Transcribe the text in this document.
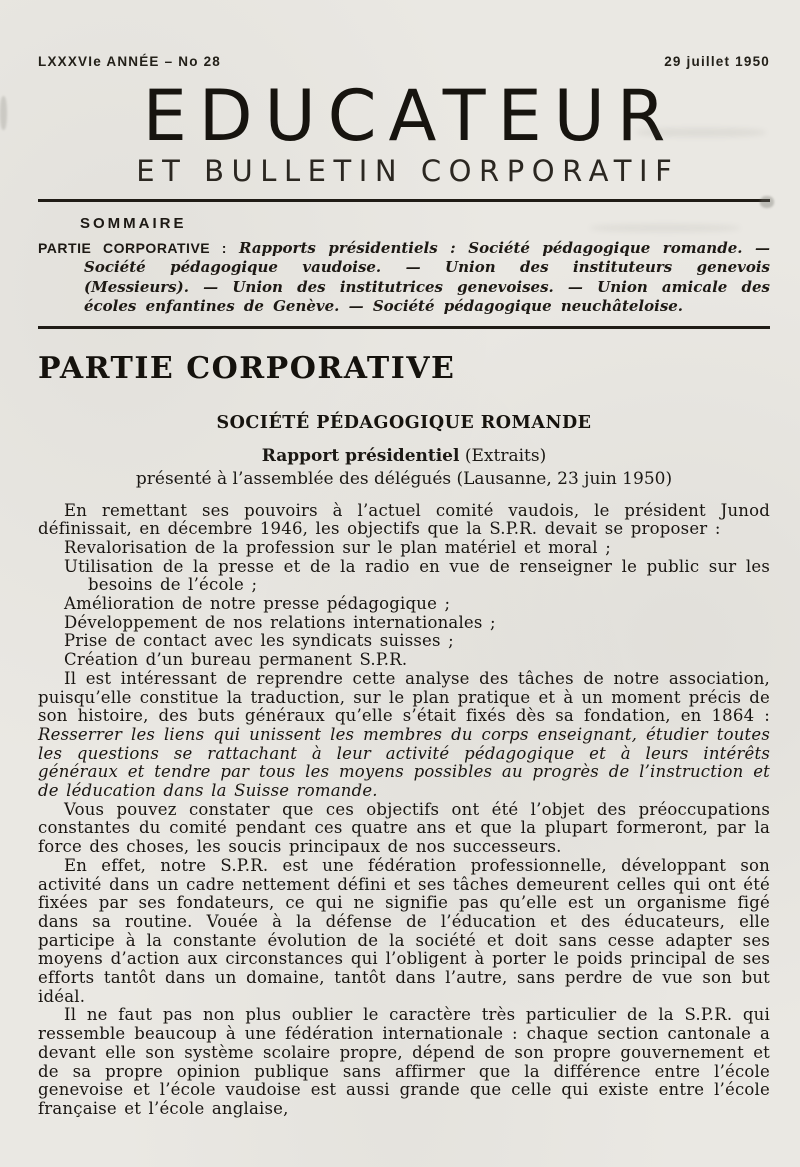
LXXXVIe ANNÉE – No 28	29 juillet 1950
EDUCATEUR
ET BULLETIN CORPORATIF
SOMMAIRE

PARTIE CORPORATIVE : Rapports présidentiels : Société pédagogique romande. — Société pédagogique vaudoise. — Union des instituteurs genevois (Messieurs). — Union des institutrices genevoises. — Union amicale des écoles enfantines de Genève. — Société pédagogique neuchâteloise.

PARTIE CORPORATIVE
SOCIÉTÉ PÉDAGOGIQUE ROMANDE

Rapport présidentiel (Extraits)

présenté à l’assemblée des délégués (Lausanne, 23 juin 1950)

En remettant ses pouvoirs à l’actuel comité vaudois, le président Junod définissait, en décembre 1946, les objectifs que la S.P.R. devait se proposer :

Revalorisation de la profession sur le plan matériel et moral ;
Utilisation de la presse et de la radio en vue de renseigner le public sur les besoins de l’école ;
Amélioration de notre presse pédagogique ;
Développement de nos relations internationales ;
Prise de contact avec les syndicats suisses ;
Création d’un bureau permanent S.P.R.

Il est intéressant de reprendre cette analyse des tâches de notre association, puisqu’elle constitue la traduction, sur le plan pratique et à un moment précis de son histoire, des buts généraux qu’elle s’était fixés dès sa fondation, en 1864 : Resserrer les liens qui unissent les membres du corps enseignant, étudier toutes les questions se rattachant à leur activité pédagogique et à leurs intérêts généraux et tendre par tous les moyens possibles au progrès de l’instruction et de léducation dans la Suisse romande.

Vous pouvez constater que ces objectifs ont été l’objet des préoccupations constantes du comité pendant ces quatre ans et que la plupart formeront, par la force des choses, les soucis principaux de nos successeurs.

En effet, notre S.P.R. est une fédération professionnelle, développant son activité dans un cadre nettement défini et ses tâches demeurent celles qui ont été fixées par ses fondateurs, ce qui ne signifie pas qu’elle est un organisme figé dans sa routine. Vouée à la défense de l’éducation et des éducateurs, elle participe à la constante évolution de la société et doit sans cesse adapter ses moyens d’action aux circonstances qui l’obligent à porter le poids principal de ses efforts tantôt dans un domaine, tantôt dans l’autre, sans perdre de vue son but idéal.

Il ne faut pas non plus oublier le caractère très particulier de la S.P.R. qui ressemble beaucoup à une fédération internationale : chaque section cantonale a devant elle son système scolaire propre, dépend de son propre gouvernement et de sa propre opinion publique sans affirmer que la différence entre l’école genevoise et l’école vaudoise est aussi grande que celle qui existe entre l’école française et l’école anglaise,
